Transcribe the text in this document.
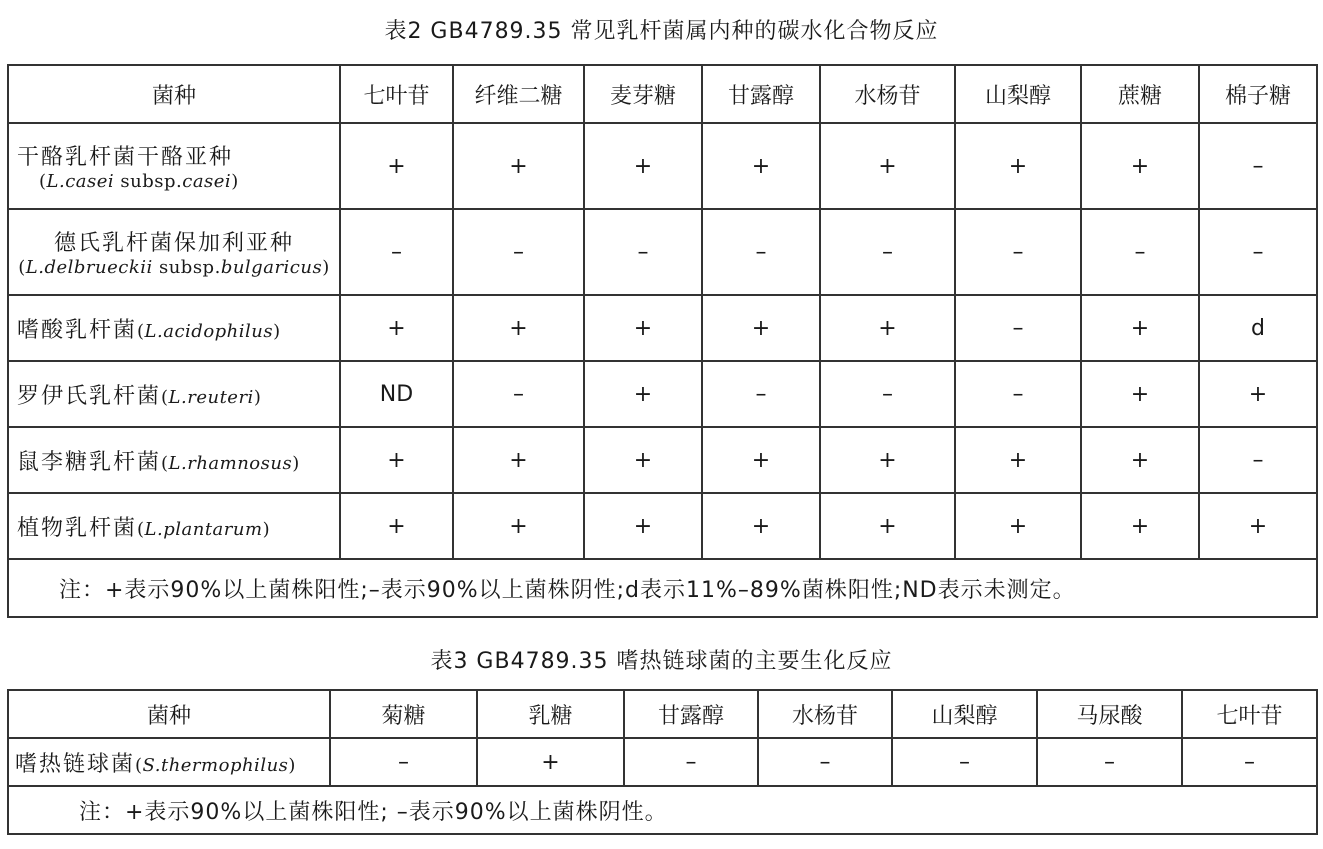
表2 GB4789.35 常见乳杆菌属内种的碳水化合物反应
菌种	七叶苷	纤维二糖	麦芽糖	甘露醇	水杨苷	山梨醇	蔗糖	棉子糖
干酪乳杆菌干酪亚种
(L.casei subsp.casei)	+	+	+	+	+	+	+	–
德氏乳杆菌保加利亚种
(L.delbrueckii subsp.bulgaricus)	–	–	–	–	–	–	–	–
嗜酸乳杆菌(L.acidophilus)	+	+	+	+	+	–	+	d
罗伊氏乳杆菌(L.reuteri)	ND	–	+	–	–	–	+	+
鼠李糖乳杆菌(L.rhamnosus)	+	+	+	+	+	+	+	–
植物乳杆菌(L.plantarum)	+	+	+	+	+	+	+	+
注：+表示90%以上菌株阳性;–表示90%以上菌株阴性;d表示11%–89%菌株阳性;ND表示未测定。								
表3 GB4789.35 嗜热链球菌的主要生化反应
菌种	菊糖	乳糖	甘露醇	水杨苷	山梨醇	马尿酸	七叶苷
嗜热链球菌(S.thermophilus)	–	+	–	–	–	–	–
注：+表示90%以上菌株阳性; –表示90%以上菌株阴性。							
